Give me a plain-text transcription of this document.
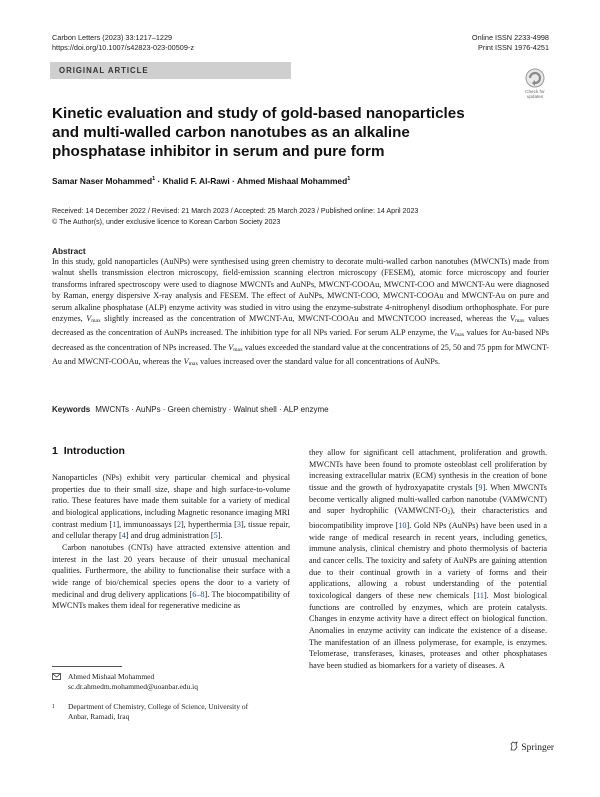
Carbon Letters (2023) 33:1217–1229
https://doi.org/10.1007/s42823-023-00509-z
Online ISSN 2233-4998
Print ISSN 1976-4251
ORIGINAL ARTICLE
Check for updates
Kinetic evaluation and study of gold-based nanoparticles and multi-walled carbon nanotubes as an alkaline phosphatase inhibitor in serum and pure form
Samar Naser Mohammed$^1$ · Khalid F. Al-Rawi · Ahmed Mishaal Mohammed$^1$
Received: 14 December 2022 / Revised: 21 March 2023 / Accepted: 25 March 2023 / Published online: 14 April 2023
© The Author(s), under exclusive licence to Korean Carbon Society 2023
Abstract
In this study, gold nanoparticles (AuNPs) were synthesised using green chemistry to decorate multi-walled carbon nanotubes (MWCNTs) made from walnut shells transmission electron microscopy, field-emission scanning electron microscopy (FESEM), atomic force microscopy and fourier transforms infrared spectroscopy were used to diagnose MWCNTs and AuNPs, MWCNT-COOAu, MWCNT-COO and MWCNT-Au were diagnosed by Raman, energy dispersive X-ray analysis and FESEM. The effect of AuNPs, MWCNT-COO, MWCNT-COOAu and MWCNT-Au on pure and serum alkaline phosphatase (ALP) enzyme activity was studied in vitro using the enzyme-substrate 4-nitrophenyl disodium orthophosphate. For pure enzymes, $V_{max}$ slightly increased as the concentration of MWCNT-Au, MWCNT-COOAu and MWCNTCOO increased, whereas the $V_{max}$ values decreased as the concentration of AuNPs increased. The inhibition type for all NPs varied. For serum ALP enzyme, the $V_{max}$ values for Au-based NPs decreased as the concentration of NPs increased. The $V_{max}$ values exceeded the standard value at the concentrations of 25, 50 and 75 ppm for MWCNT-Au and MWCNT-COOAu, whereas the $V_{max}$ values increased over the standard value for all concentrations of AuNPs.
Keywords MWCNTs · AuNPs · Green chemistry · Walnut shell · ALP enzyme
1 Introduction

Nanoparticles (NPs) exhibit very particular chemical and physical properties due to their small size, shape and high surface-to-volume ratio. These features have made them suitable for a variety of medical and biological applications, including Magnetic resonance imaging MRI contrast medium [1], immunoassays [2], hyperthermia [3], tissue repair, and cellular therapy [4] and drug administration [5].

Carbon nanotubes (CNTs) have attracted extensive attention and interest in the last 20 years because of their unusual mechanical qualities. Furthermore, the ability to functionalise their surface with a wide range of bio/chemical species opens the door to a variety of medicinal and drug delivery applications [6–8]. The biocompatibility of MWCNTs makes them ideal for regenerative medicine as

they allow for significant cell attachment, proliferation and growth. MWCNTs have been found to promote osteoblast cell proliferation by increasing extracellular matrix (ECM) synthesis in the creation of bone tissue and the growth of hydroxyapatite crystals [9]. When MWCNTs become vertically aligned multi-walled carbon nanotube (VAMWCNT) and super hydrophilic $(VAMWCNT-O_2)$, their characteristics and biocompatibility improve [10]. Gold NPs (AuNPs) have been used in a wide range of medical research in recent years, including genetics, immune analysis, clinical chemistry and photo thermolysis of bacteria and cancer cells. The toxicity and safety of AuNPs are gaining attention due to their continual growth in a variety of forms and their applications, allowing a robust understanding of the potential toxicological dangers of these new chemicals [11]. Most biological functions are controlled by enzymes, which are protein catalysts. Changes in enzyme activity have a direct effect on biological function. Anomalies in enzyme activity can indicate the existence of a disease. The manifestation of an illness polymerase, for example, is enzymes. Telomerase, transferases, kinases, proteases and other phosphatases have been studied as biomarkers for a variety of diseases. A

Ahmed Mishaal Mohammed
sc.dr.ahmedm.mohammed@uoanbar.edu.iq
1 Department of Chemistry, College of Science, University of Anbar, Ramadi, Iraq
Springer
